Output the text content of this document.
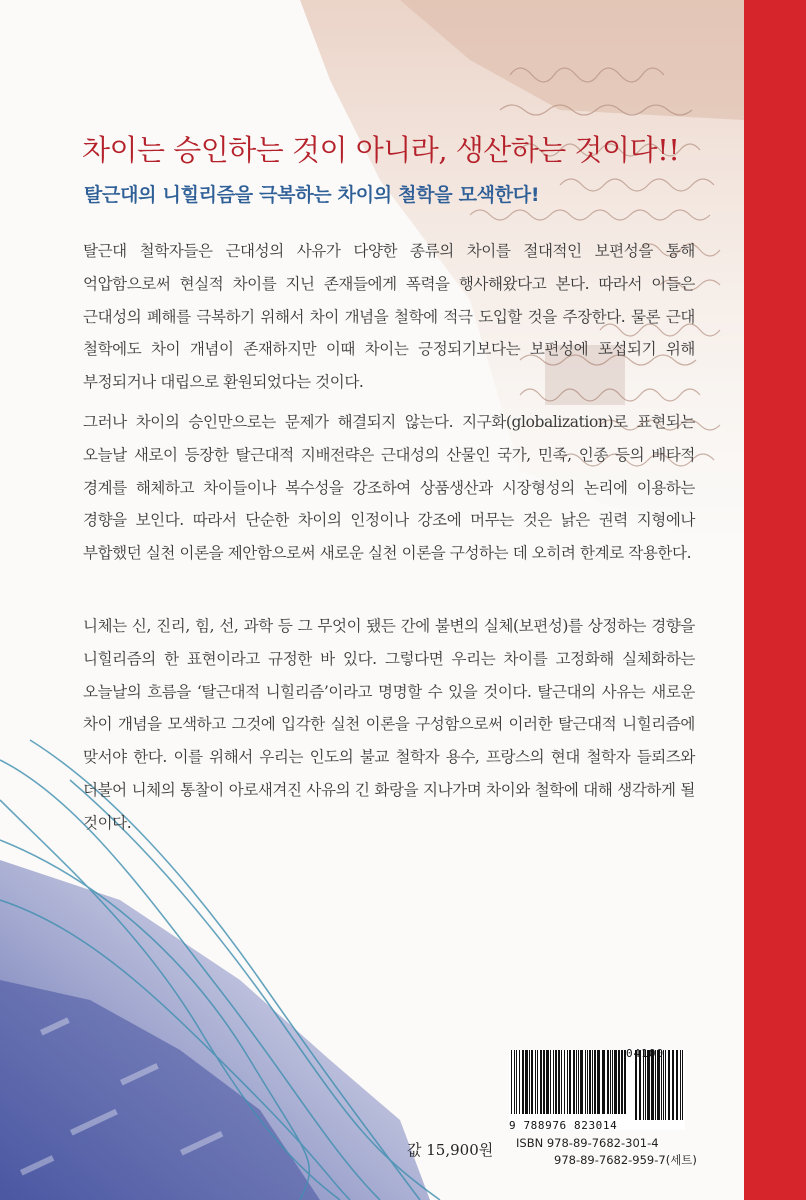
차이는 승인하는 것이 아니라, 생산하는 것이다!!
탈근대의 니힐리즘을 극복하는 차이의 철학을 모색한다!

탈근대 철학자들은 근대성의 사유가 다양한 종류의 차이를 절대적인 보편성을 통해 억압함으로써 현실적 차이를 지닌 존재들에게 폭력을 행사해왔다고 본다. 따라서 이들은 근대성의 폐해를 극복하기 위해서 차이 개념을 철학에 적극 도입할 것을 주장한다. 물론 근대 철학에도 차이 개념이 존재하지만 이때 차이는 긍정되기보다는 보편성에 포섭되기 위해 부정되거나 대립으로 환원되었다는 것이다.

그러나 차이의 승인만으로는 문제가 해결되지 않는다. 지구화(globalization)로 표현되는 오늘날 새로이 등장한 탈근대적 지배전략은 근대성의 산물인 국가, 민족, 인종 등의 배타적 경계를 해체하고 차이들이나 복수성을 강조하여 상품생산과 시장형성의 논리에 이용하는 경향을 보인다. 따라서 단순한 차이의 인정이나 강조에 머무는 것은 낡은 권력 지형에나 부합했던 실천 이론을 제안함으로써 새로운 실천 이론을 구성하는 데 오히려 한계로 작용한다.

니체는 신, 진리, 힘, 선, 과학 등 그 무엇이 됐든 간에 불변의 실체(보편성)를 상정하는 경향을 니힐리즘의 한 표현이라고 규정한 바 있다. 그렇다면 우리는 차이를 고정화해 실체화하는 오늘날의 흐름을 ‘탈근대적 니힐리즘’이라고 명명할 수 있을 것이다. 탈근대의 사유는 새로운 차이 개념을 모색하고 그것에 입각한 실천 이론을 구성함으로써 이러한 탈근대적 니힐리즘에 맞서야 한다. 이를 위해서 우리는 인도의 불교 철학자 용수, 프랑스의 현대 철학자 들뢰즈와 더불어 니체의 통찰이 아로새겨진 사유의 긴 화랑을 지나가며 차이와 철학에 대해 생각하게 될 것이다.

04100
9 788976 823014
값 15,900원 ISBN 978-89-7682-301-4
978-89-7682-959-7(세트)
